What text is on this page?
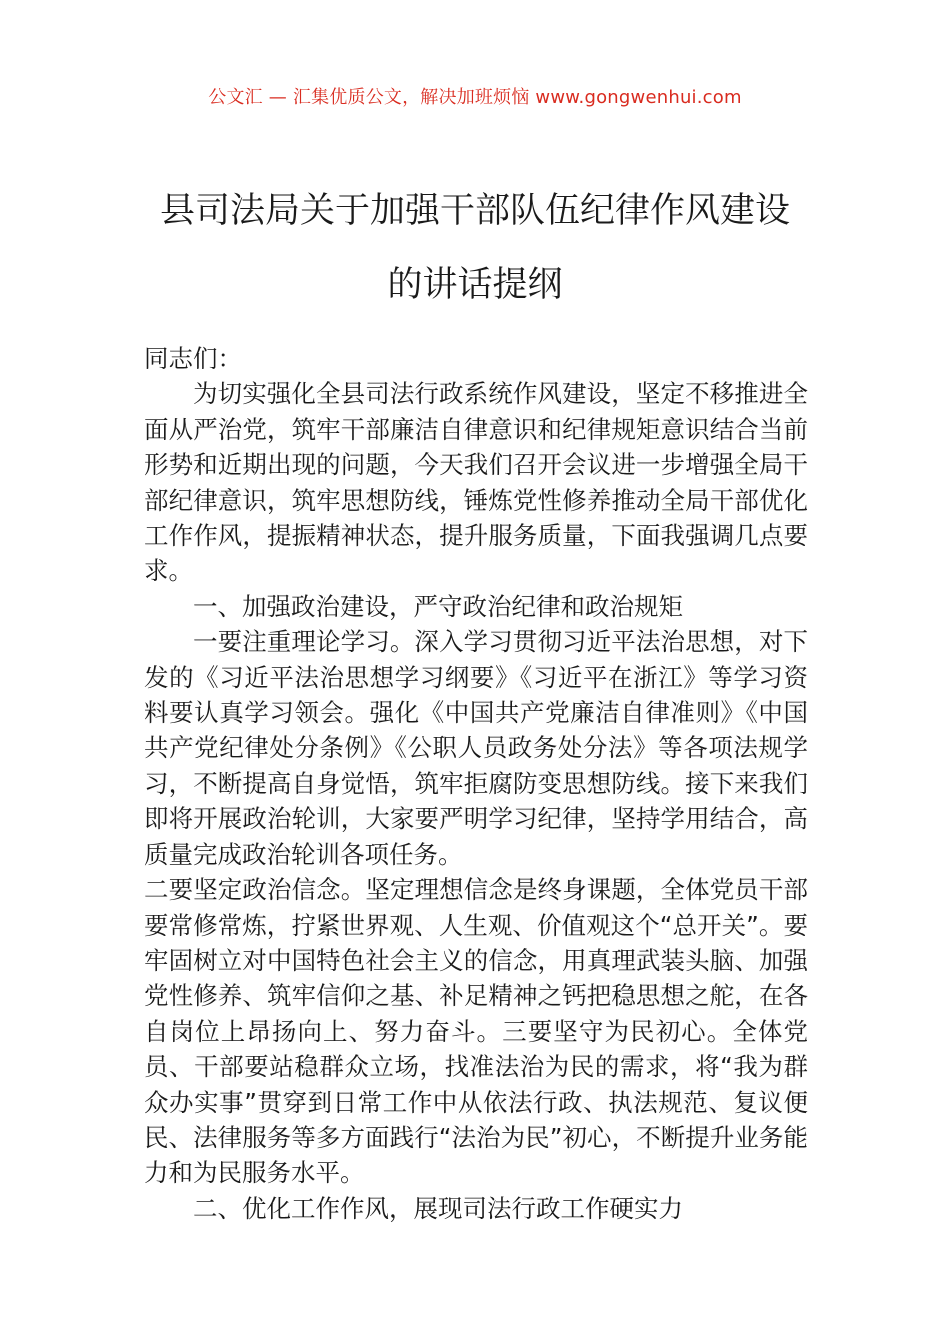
公文汇 — 汇集优质公文，解决加班烦恼 www.gongwenhui.com
县司法局关于加强干部队伍纪律作风建设
的讲话提纲

同志们：

为切实强化全县司法行政系统作风建设，坚定不移推进全面从严治党，筑牢干部廉洁自律意识和纪律规矩意识结合当前形势和近期出现的问题，今天我们召开会议进一步增强全局干部纪律意识，筑牢思想防线，锤炼党性修养推动全局干部优化工作作风，提振精神状态，提升服务质量，下面我强调几点要求。

一、加强政治建设，严守政治纪律和政治规矩

一要注重理论学习。深入学习贯彻习近平法治思想，对下发的《习近平法治思想学习纲要》《习近平在浙江》等学习资料要认真学习领会。强化《中国共产党廉洁自律准则》《中国共产党纪律处分条例》《公职人员政务处分法》等各项法规学习，不断提高自身觉悟，筑牢拒腐防变思想防线。接下来我们即将开展政治轮训，大家要严明学习纪律，坚持学用结合，高质量完成政治轮训各项任务。

二要坚定政治信念。坚定理想信念是终身课题，全体党员干部要常修常炼，拧紧世界观、人生观、价值观这个“总开关”。要牢固树立对中国特色社会主义的信念，用真理武装头脑、加强党性修养、筑牢信仰之基、补足精神之钙把稳思想之舵，在各自岗位上昂扬向上、努力奋斗。三要坚守为民初心。全体党员、干部要站稳群众立场，找准法治为民的需求，将“我为群众办实事”贯穿到日常工作中从依法行政、执法规范、复议便民、法律服务等多方面践行“法治为民”初心，不断提升业务能力和为民服务水平。

二、优化工作作风，展现司法行政工作硬实力
